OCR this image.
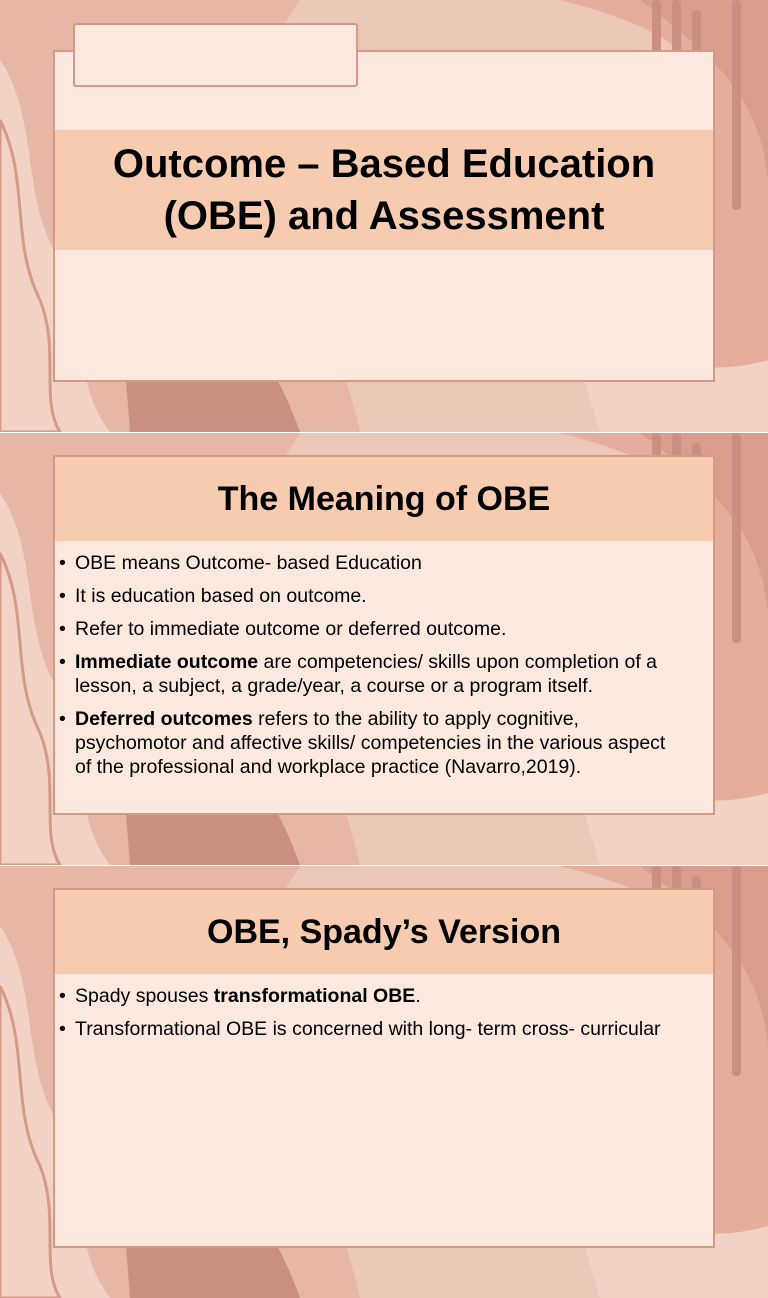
Outcome – Based Education
(OBE) and Assessment
The Meaning of OBE
• OBE means Outcome- based Education
• It is education based on outcome.
• Refer to immediate outcome or deferred outcome.
• Immediate outcome are competencies/ skills upon completion of a lesson, a subject, a grade/year, a course or a program itself.
• Deferred outcomes refers to the ability to apply cognitive, psychomotor and affective skills/ competencies in the various aspect of the professional and workplace practice (Navarro,2019).
OBE, Spady’s Version
• Spady spouses transformational OBE.
• Transformational OBE is concerned with long- term cross- curricular
